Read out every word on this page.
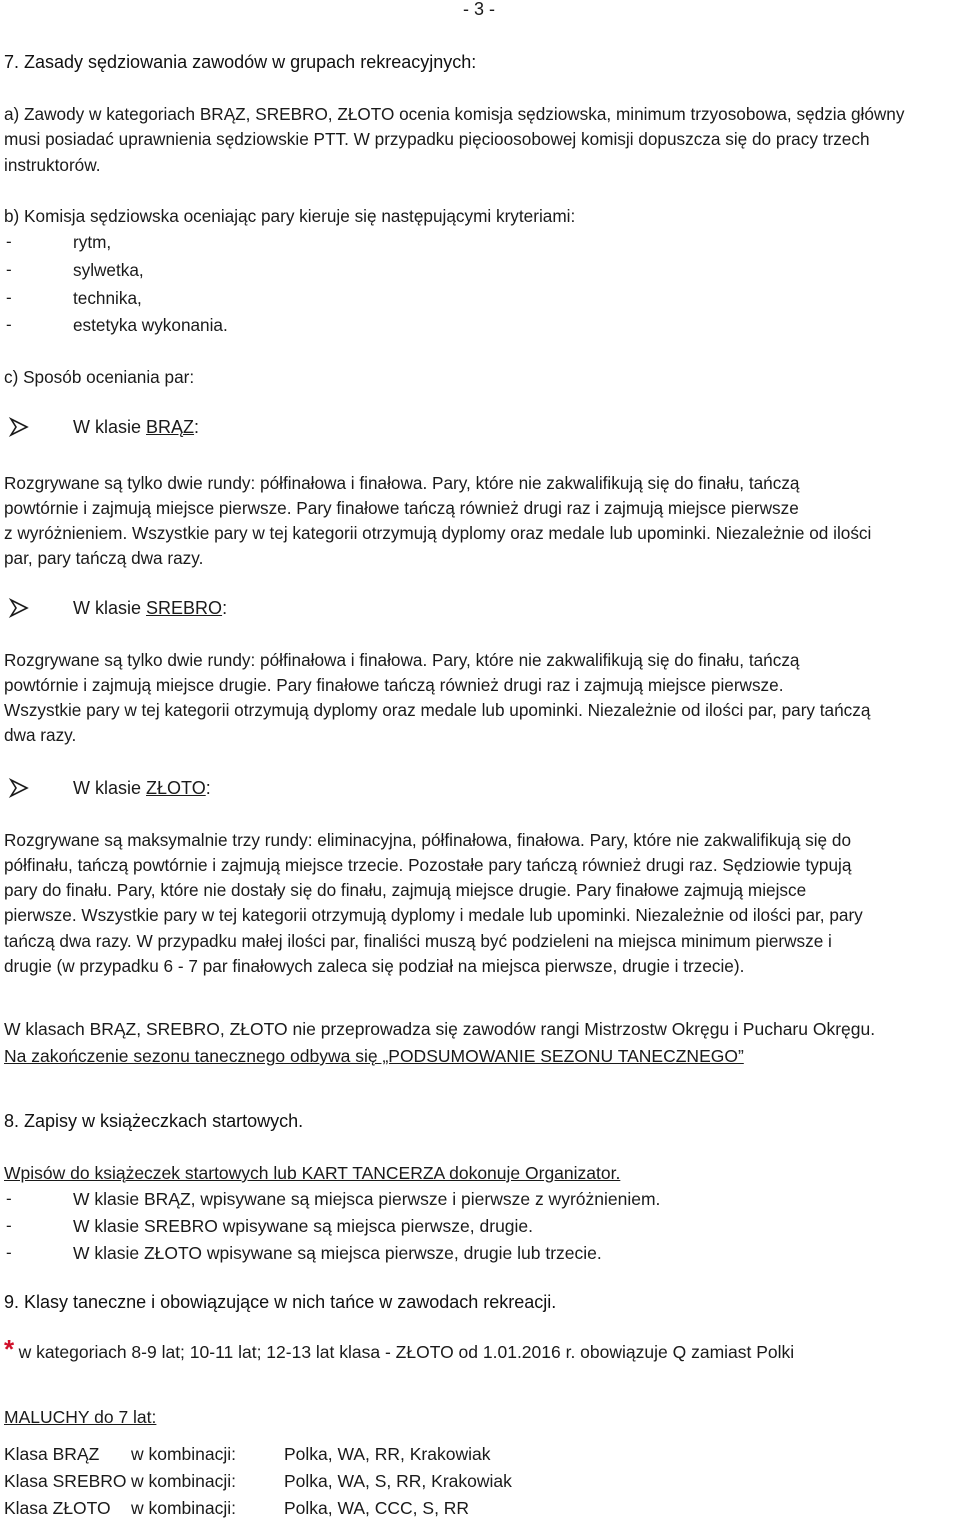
- 3 -
7. Zasady sędziowania zawodów w grupach rekreacyjnych:
a) Zawody w kategoriach BRĄZ, SREBRO, ZŁOTO ocenia komisja sędziowska, minimum trzyosobowa, sędzia główny
musi posiadać uprawnienia sędziowskie PTT. W przypadku pięcioosobowej komisji dopuszcza się do pracy trzech
instruktorów.
b) Komisja sędziowska oceniając pary kieruje się następującymi kryteriami:
-	rytm,
-	sylwetka,
-	technika,
-	estetyka wykonania.
c) Sposób oceniania par:
W klasie BRĄZ:
Rozgrywane są tylko dwie rundy: półfinałowa i finałowa. Pary, które nie zakwalifikują się do finału, tańczą
powtórnie i zajmują miejsce pierwsze. Pary finałowe tańczą również drugi raz i zajmują miejsce pierwsze
z wyróżnieniem. Wszystkie pary w tej kategorii otrzymują dyplomy oraz medale lub upominki. Niezależnie od ilości
par, pary tańczą dwa razy.
W klasie SREBRO:
Rozgrywane są tylko dwie rundy: półfinałowa i finałowa. Pary, które nie zakwalifikują się do finału, tańczą
powtórnie i zajmują miejsce drugie. Pary finałowe tańczą również drugi raz i zajmują miejsce pierwsze.
Wszystkie pary w tej kategorii otrzymują dyplomy oraz medale lub upominki. Niezależnie od ilości par, pary tańczą
dwa razy.
W klasie ZŁOTO:
Rozgrywane są maksymalnie trzy rundy: eliminacyjna, półfinałowa, finałowa. Pary, które nie zakwalifikują się do
półfinału, tańczą powtórnie i zajmują miejsce trzecie. Pozostałe pary tańczą również drugi raz. Sędziowie typują
pary do finału. Pary, które nie dostały się do finału, zajmują miejsce drugie. Pary finałowe zajmują miejsce
pierwsze. Wszystkie pary w tej kategorii otrzymują dyplomy i medale lub upominki. Niezależnie od ilości par, pary
tańczą dwa razy. W przypadku małej ilości par, finaliści muszą być podzieleni na miejsca minimum pierwsze i
drugie (w przypadku 6 - 7 par finałowych zaleca się podział na miejsca pierwsze, drugie i trzecie).
W klasach BRĄZ, SREBRO, ZŁOTO nie przeprowadza się zawodów rangi Mistrzostw Okręgu i Pucharu Okręgu.
Na zakończenie sezonu tanecznego odbywa się „PODSUMOWANIE SEZONU TANECZNEGO”
8. Zapisy w książeczkach startowych.
Wpisów do książeczek startowych lub KART TANCERZA dokonuje Organizator.
-	W klasie BRĄZ, wpisywane są miejsca pierwsze i pierwsze z wyróżnieniem.
-	W klasie SREBRO wpisywane są miejsca pierwsze, drugie.
-	W klasie ZŁOTO wpisywane są miejsca pierwsze, drugie lub trzecie.
9. Klasy taneczne i obowiązujące w nich tańce w zawodach rekreacji.
* w kategoriach 8-9 lat; 10-11 lat; 12-13 lat klasa - ZŁOTO od 1.01.2016 r. obowiązuje Q zamiast Polki
MALUCHY do 7 lat:
Klasa BRĄZ w kombinacji:	Polka, WA, RR, Krakowiak
Klasa SREBRO w kombinacji:	Polka, WA, S, RR, Krakowiak
Klasa ZŁOTO w kombinacji:	Polka, WA, CCC, S, RR
